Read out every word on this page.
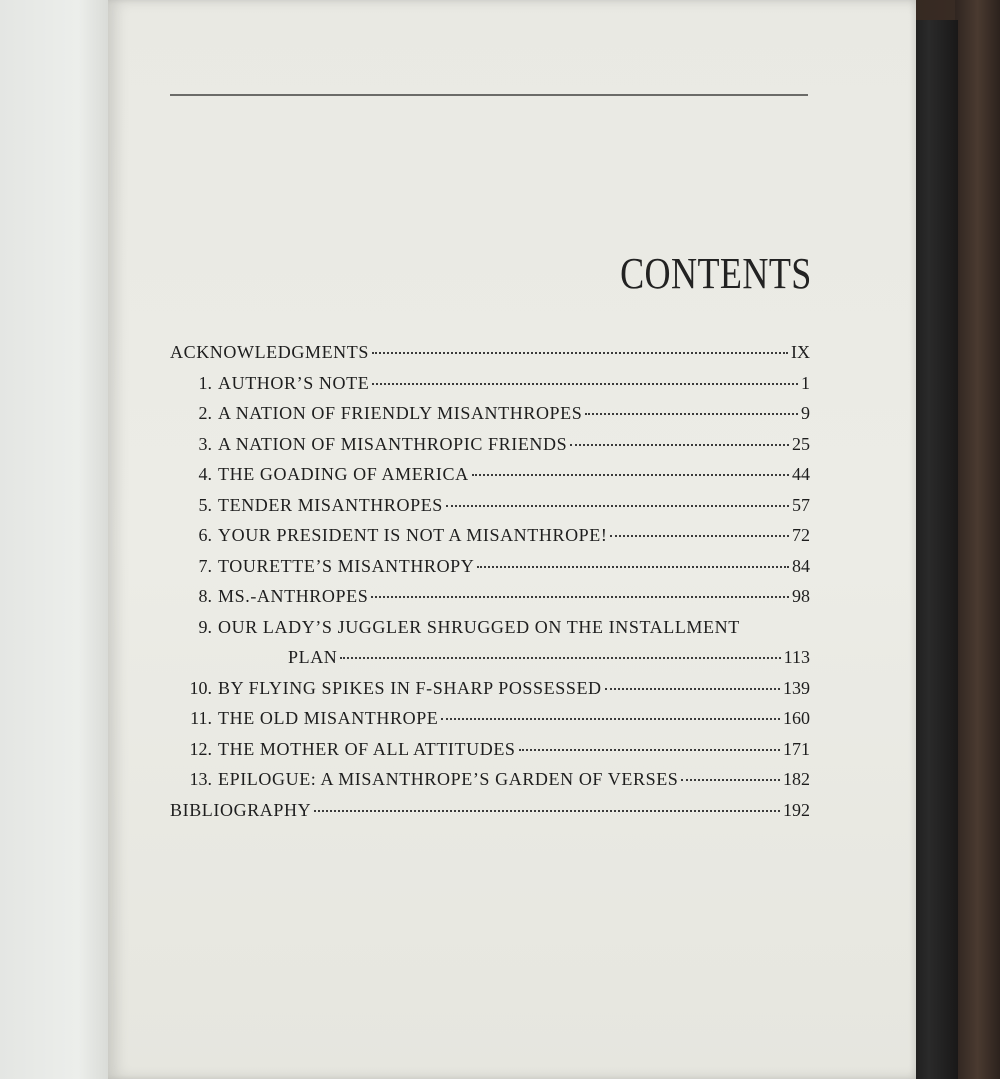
CONTENTS
ACKNOWLEDGMENTS	IX
1. AUTHOR’S NOTE	1
2. A NATION OF FRIENDLY MISANTHROPES	9
3. A NATION OF MISANTHROPIC FRIENDS	25
4. THE GOADING OF AMERICA	44
5. TENDER MISANTHROPES	57
6. YOUR PRESIDENT IS NOT A MISANTHROPE!	72
7. TOURETTE’S MISANTHROPY	84
8. MS.-ANTHROPES	98
9. OUR LADY’S JUGGLER SHRUGGED ON THE INSTALLMENT
PLAN	113
10. BY FLYING SPIKES IN F-SHARP POSSESSED	139
11. THE OLD MISANTHROPE	160
12. THE MOTHER OF ALL ATTITUDES	171
13. EPILOGUE: A MISANTHROPE’S GARDEN OF VERSES	182
BIBLIOGRAPHY	192
